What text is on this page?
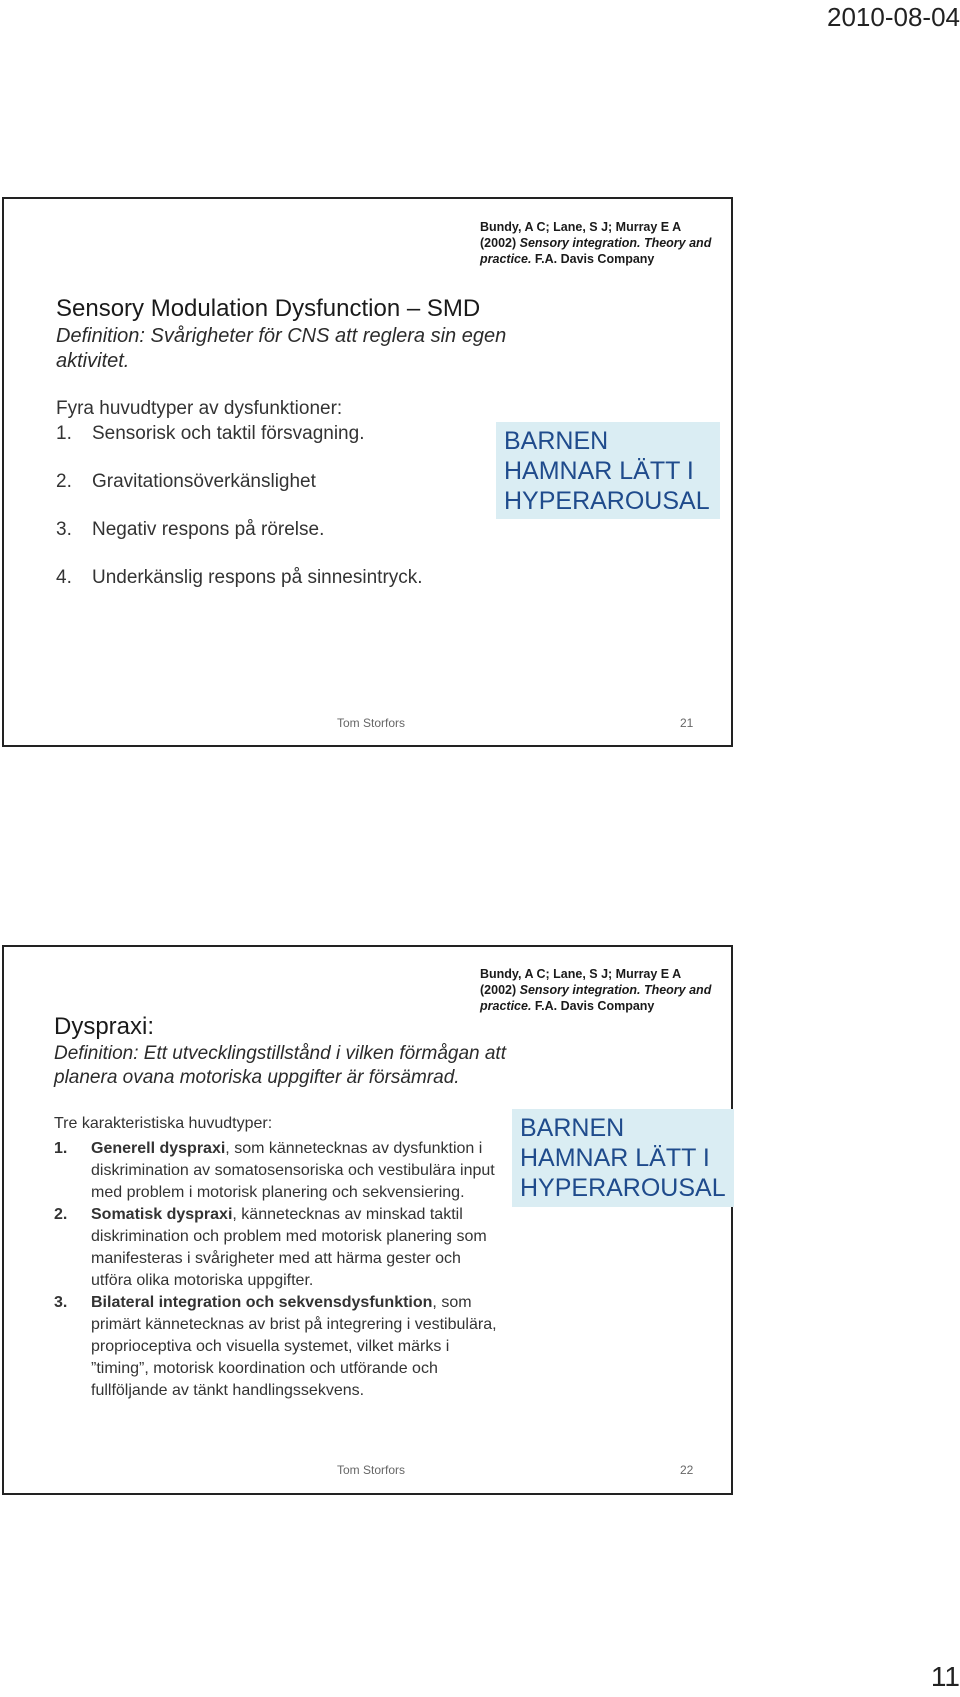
2010-08-04
Bundy, A C; Lane, S J; Murray E A
(2002) Sensory integration. Theory and practice. F.A. Davis Company
Sensory Modulation Dysfunction – SMD
Definition: Svårigheter för CNS att reglera sin egen aktivitet.
Fyra huvudtyper av dysfunktioner:
1. Sensorisk och taktil försvagning.
2. Gravitationsöverkänslighet
3. Negativ respons på rörelse.
4. Underkänslig respons på sinnesintryck.
BARNEN HAMNAR LÄTT I HYPERAROUSAL
Tom Storfors	21
Bundy, A C; Lane, S J; Murray E A
(2002) Sensory integration. Theory and practice. F.A. Davis Company
Dyspraxi:
Definition: Ett utvecklingstillstånd i vilken förmågan att planera ovana motoriska uppgifter är försämrad.
Tre karakteristiska huvudtyper:
1. Generell dyspraxi, som kännetecknas av dysfunktion i diskrimination av somatosensoriska och vestibulära input med problem i motorisk planering och sekvensiering.
2. Somatisk dyspraxi, kännetecknas av minskad taktil diskrimination och problem med motorisk planering som manifesteras i svårigheter med att härma gester och utföra olika motoriska uppgifter.
3. Bilateral integration och sekvensdysfunktion, som primärt kännetecknas av brist på integrering i vestibulära, proprioceptiva och visuella systemet, vilket märks i ”timing”, motorisk koordination och utförande och fullföljande av tänkt handlingssekvens.
BARNEN HAMNAR LÄTT I HYPERAROUSAL
Tom Storfors	22
11
